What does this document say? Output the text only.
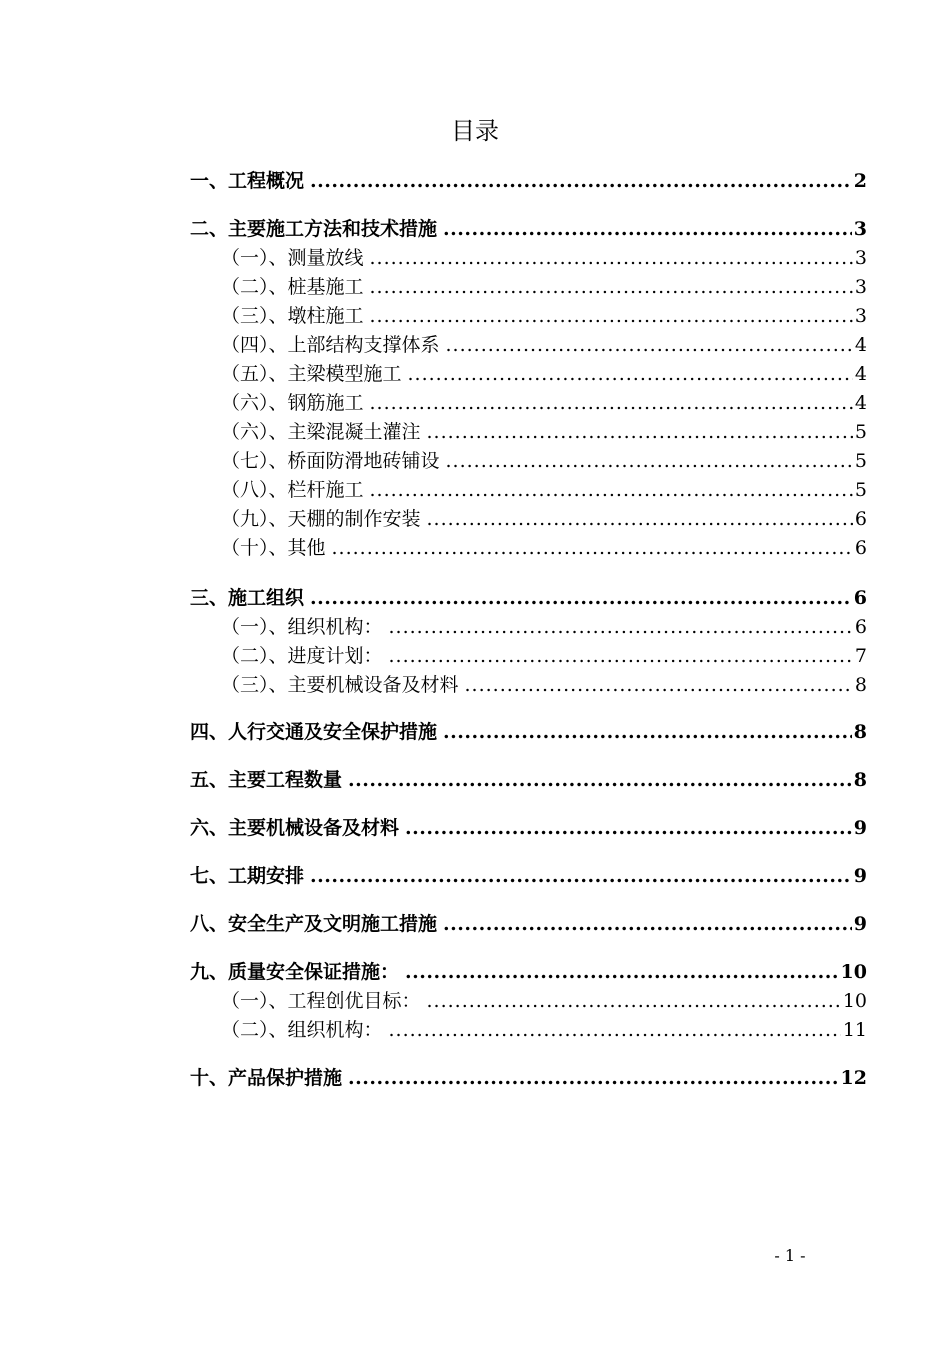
目录
一、工程概况 .....	2
二、主要施工方法和技术措施 .....	3
（一）、测量放线 .....	3
（二）、桩基施工 .....	3
（三）、墩柱施工 .....	3
（四）、上部结构支撑体系 .....	4
（五）、主梁模型施工 .....	4
（六）、钢筋施工 .....	4
（六）、主梁混凝土灌注 .....	5
（七）、桥面防滑地砖铺设 .....	5
（八）、栏杆施工 .....	5
（九）、天棚的制作安装 .....	6
（十）、其他 .....	6
三、施工组织 .....	6
（一）、组织机构： .....	6
（二）、进度计划： .....	7
（三）、主要机械设备及材料 .....	8
四、人行交通及安全保护措施 .....	8
五、主要工程数量 .....	8
六、主要机械设备及材料 .....	9
七、工期安排 .....	9
八、安全生产及文明施工措施 .....	9
九、质量安全保证措施： .....	10
（一）、工程创优目标： .....	10
（二）、组织机构： .....	11
十、产品保护措施 .....	12
- 1 -
